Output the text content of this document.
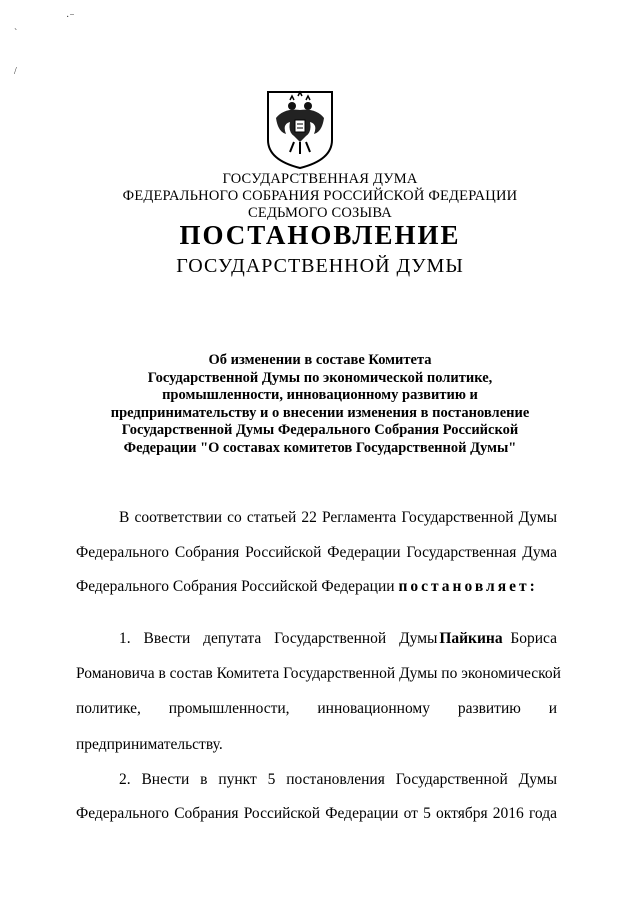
·⁻
`
/
ГОСУДАРСТВЕННАЯ ДУМА
ФЕДЕРАЛЬНОГО СОБРАНИЯ РОССИЙСКОЙ ФЕДЕРАЦИИ
СЕДЬМОГО СОЗЫВА
ПОСТАНОВЛЕНИЕ
ГОСУДАРСТВЕННОЙ ДУМЫ
Об изменении в составе Комитета
Государственной Думы по экономической политике,
промышленности, инновационному развитию и
предпринимательству и о внесении изменения в постановление
Государственной Думы Федерального Собрания Российской
Федерации "О составах комитетов Государственной Думы"
В соответствии со статьей 22 Регламента Государственной Думы
Федерального Собрания Российской Федерации Государственная Дума
Федерального Собрания Российской Федерации постановляет:
1. Ввести депутата Государственной Думы Пайкина Бориса
Романовича в состав Комитета Государственной Думы по экономической
политике, промышленности, инновационному развитию и
предпринимательству.
2. Внести в пункт 5 постановления Государственной Думы
Федерального Собрания Российской Федерации от 5 октября 2016 года
